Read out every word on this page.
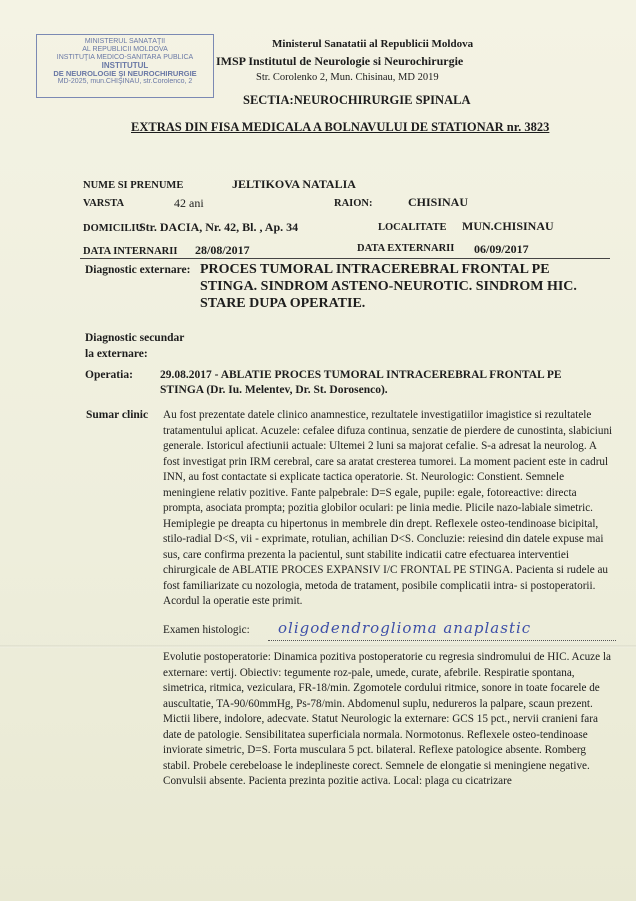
MINISTERUL SĂNĂTĂŢII
AL REPUBLICII MOLDOVA
INSTITUŢIA MEDICO-SANITARĂ PUBLICĂ
INSTITUTUL
DE NEUROLOGIE ŞI NEUROCHIRURGIE
MD-2025, mun.CHIŞINĂU, str.Corolenco, 2
Ministerul Sanatatii al Republicii Moldova
IMSP Institutul de Neurologie si Neurochirurgie
Str. Corolenko 2, Mun. Chisinau, MD 2019
SECTIA:NEUROCHIRURGIE SPINALA
EXTRAS DIN FISA MEDICALA A BOLNAVULUI DE STATIONAR nr. 3823
NUME SI PRENUME	JELTIKOVA NATALIA
VARSTA	42 ani	RAION:	CHISINAU
DOMICILIU
Str. DACIA, Nr. 42, Bl. , Ap. 34	LOCALITATE MUN.CHISINAU
DATA INTERNARII 28/08/2017	DATA EXTERNARII 06/09/2017
Diagnostic externare: PROCES TUMORAL INTRACEREBRAL FRONTAL PE STINGA. SINDROM ASTENO-NEUROTIC. SINDROM HIC. STARE DUPA OPERATIE.
Diagnostic secundar
la externare:
Operatia: 29.08.2017 - ABLATIE PROCES TUMORAL INTRACEREBRAL FRONTAL PE STINGA (Dr. Iu. Melentev, Dr. St. Dorosenco).
Sumar clinic Au fost prezentate datele clinico anamnestice, rezultatele investigatiilor imagistice si rezultatele tratamentului aplicat. Acuzele: cefalee difuza continua, senzatie de pierdere de cunostinta, slabiciuni generale. Istoricul afectiunii actuale: Ultemei 2 luni sa majorat cefalie. S-a adresat la neurolog. A fost investigat prin IRM cerebral, care sa aratat cresterea tumorei. La moment pacient este in cadrul INN, au fost contactate si explicate tactica operatorie. St. Neurologic: Constient. Semnele meningiene relativ pozitive. Fante palpebrale: D=S egale, pupile: egale, fotoreactive: directa prompta, asociata prompta; pozitia globilor oculari: pe linia medie. Plicile nazo-labiale simetric. Hemiplegie pe dreapta cu hipertonus in membrele din drept. Reflexele osteo-tendinoase bicipital, stilo-radial D<S, vii - exprimate, rotulian, achilian D<S. Concluzie: reiesind din datele expuse mai sus, care confirma prezenta la pacientul, sunt stabilite indicatii catre efectuarea interventiei chirurgicale de ABLATIE PROCES EXPANSIV I/C FRONTAL PE STINGA. Pacienta si rudele au fost familiarizate cu nozologia, metoda de tratament, posibile complicatii intra- si postoperatorii. Acordul la operatie este primit.

Examen histologic: oligodendroglioma anaplastic

Evolutie postoperatorie: Dinamica pozitiva postoperatorie cu regresia sindromului de HIC. Acuze la externare: vertij. Obiectiv: tegumente roz-pale, umede, curate, afebrile. Respiratie spontana, simetrica, ritmica, veziculara, FR-18/min. Zgomotele cordului ritmice, sonore in toate focarele de auscultatie, TA-90/60mmHg, Ps-78/min. Abdomenul suplu, nedureros la palpare, scaun prezent. Mictii libere, indolore, adecvate. Statut Neurologic la externare: GCS 15 pct., nervii cranieni fara date de patologie. Sensibilitatea superficiala normala. Normotonus. Reflexele osteo-tendinoase inviorate simetric, D=S. Forta musculara 5 pct. bilateral. Reflexe patologice absente. Romberg stabil. Probele cerebeloase le indeplineste corect. Semnele de elongatie si meningiene negative. Convulsii absente. Pacienta prezinta pozitie activa. Local: plaga cu cicatrizare
